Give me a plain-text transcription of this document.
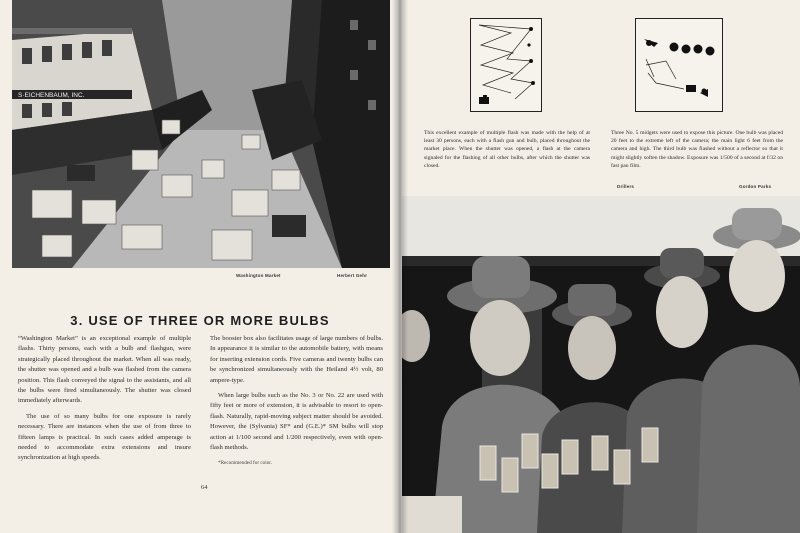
S·EICHENBAUM, INC.
Washington Market	Herbert Gehr
3. USE OF THREE OR MORE BULBS

“Washington Market” is an exceptional example of multiple flashs. Thirty persons, each with a bulb and flashgun, were strategically placed throughout the market. When all was ready, the shutter was opened and a bulb was flashed from the camera position. This flash conveyed the signal to the assistants, and all the bulbs were fired simultaneously. The shutter was closed immediately afterwards.

The use of so many bulbs for one exposure is rarely necessary. There are instances when the use of from three to fifteen lamps is practical. In such cases added amperage is needed to accommodate extra extensions and insure synchronization at high speeds.

The booster box also facilitates usage of large numbers of bulbs. In appearance it is similar to the automobile battery, with means for inserting extension cords. Five cameras and twenty bulbs can be synchronized simultaneously with the Heiland 4½ volt, 80 ampere-type.

When large bulbs such as the No. 3 or No. 22 are used with fifty feet or more of extension, it is advisable to resort to open-flash. Naturally, rapid-moving subject matter should be avoided. However, the (Sylvania) SF* and (G.E.)* SM bulbs will stop action at 1/100 second and 1/200 respectively, even with open-flash methods.

*Recommended for color.
64
This excellent example of multiple flash was made with the help of at least 30 persons, each with a flash gun and bulb, placed throughout the market place. When the shutter was opened, a flash at the camera signaled for the flashing of all other bulbs, after which the shutter was closed.
Three No. 5 midgets were used to expose this picture. One bulb was placed 20 feet to the extreme left of the camera; the main light 6 feet from the camera and high. The third bulb was flashed without a reflector so that it might slightly soften the shadow. Exposure was 1/500 of a second at f/32 on fast pan film.
Drillers	Gordon Parks
